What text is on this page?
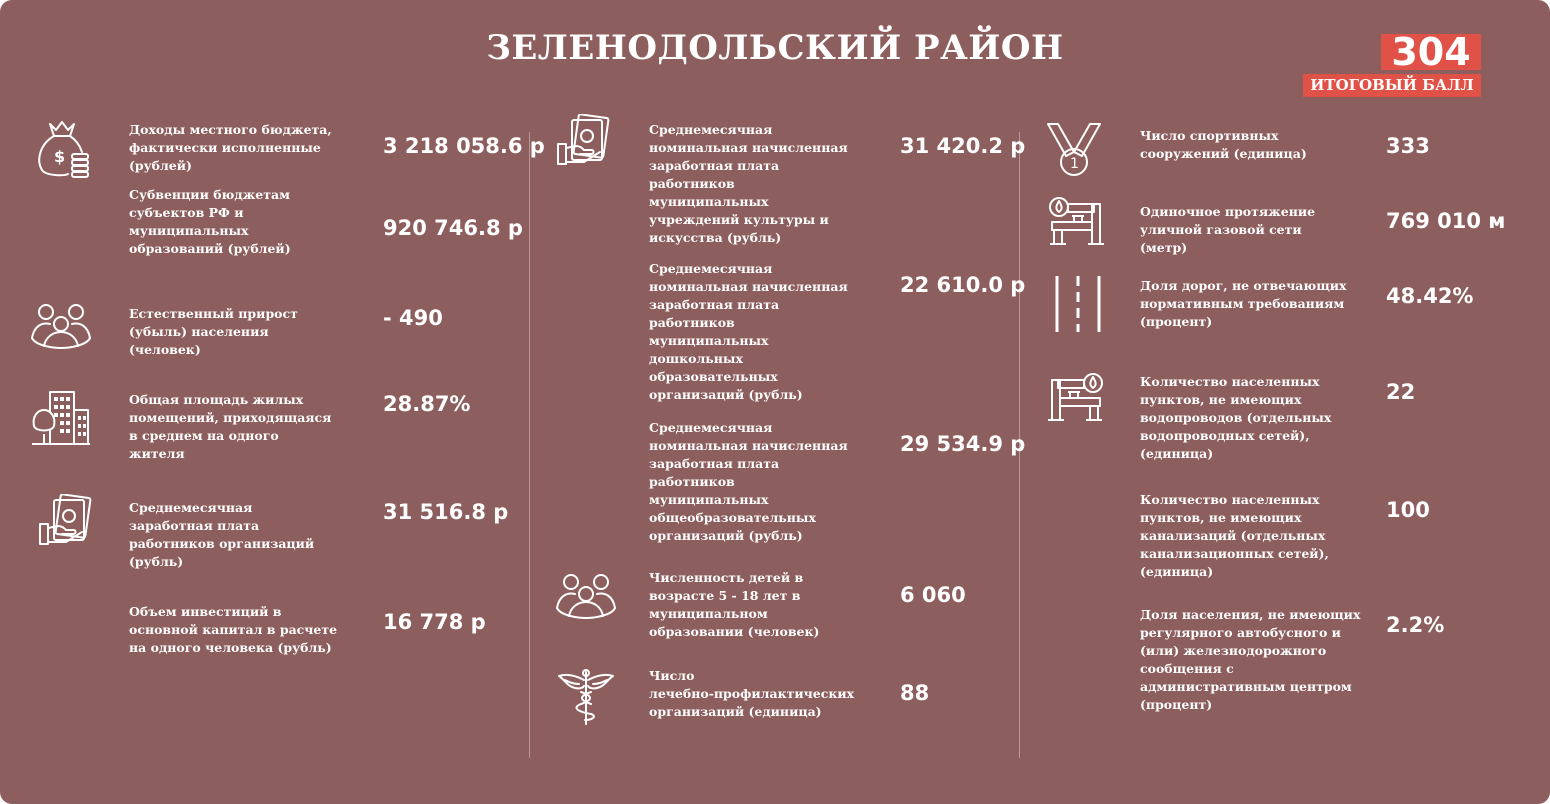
ЗЕЛЕНОДОЛЬСКИЙ РАЙОН	304
ИТОГОВЫЙ БАЛЛ
$
Доходы местного бюджета,
фактически исполненные
(рублей)
3 218 058.6 р
Субвенции бюджетам
субъектов РФ и
муниципальных
образований (рублей)
920 746.8 р
Естественный прирост
(убыль) населения
(человек)
- 490
Общая площадь жилых
помещений, приходящаяся
в среднем на одного
жителя
28.87%
Среднемесячная
заработная плата
работников организаций
(рубль)
31 516.8 р
Объем инвестиций в
основной капитал в расчете
на одного человека (рубль)
16 778 р
Среднемесячная
номинальная начисленная
заработная плата
работников
муниципальных
учреждений культуры и
искусства (рубль)
31 420.2 р
Среднемесячная
номинальная начисленная
заработная плата
работников
муниципальных
дошкольных
образовательных
организаций (рубль)
22 610.0 р
Среднемесячная
номинальная начисленная
заработная плата
работников
муниципальных
общеобразовательных
организаций (рубль)
29 534.9 р
Численность детей в
возрасте 5 - 18 лет в
муниципальном
образовании (человек)
6 060
Число
лечебно-профилактических
организаций (единица)
88
1
Число спортивных
сооружений (единица)	333
Одиночное протяжение
уличной газовой сети
(метр)
769 010 м
Доля дорог, не отвечающих
нормативным требованиям
(процент)
48.42%
Количество населенных
пунктов, не имеющих
водопроводов (отдельных
водопроводных сетей),
(единица)
22
Количество населенных
пунктов, не имеющих
канализаций (отдельных
канализационных сетей),
(единица)
100
Доля населения, не имеющих
регулярного автобусного и
(или) железнодорожного
сообщения с
административным центром
(процент)
2.2%
